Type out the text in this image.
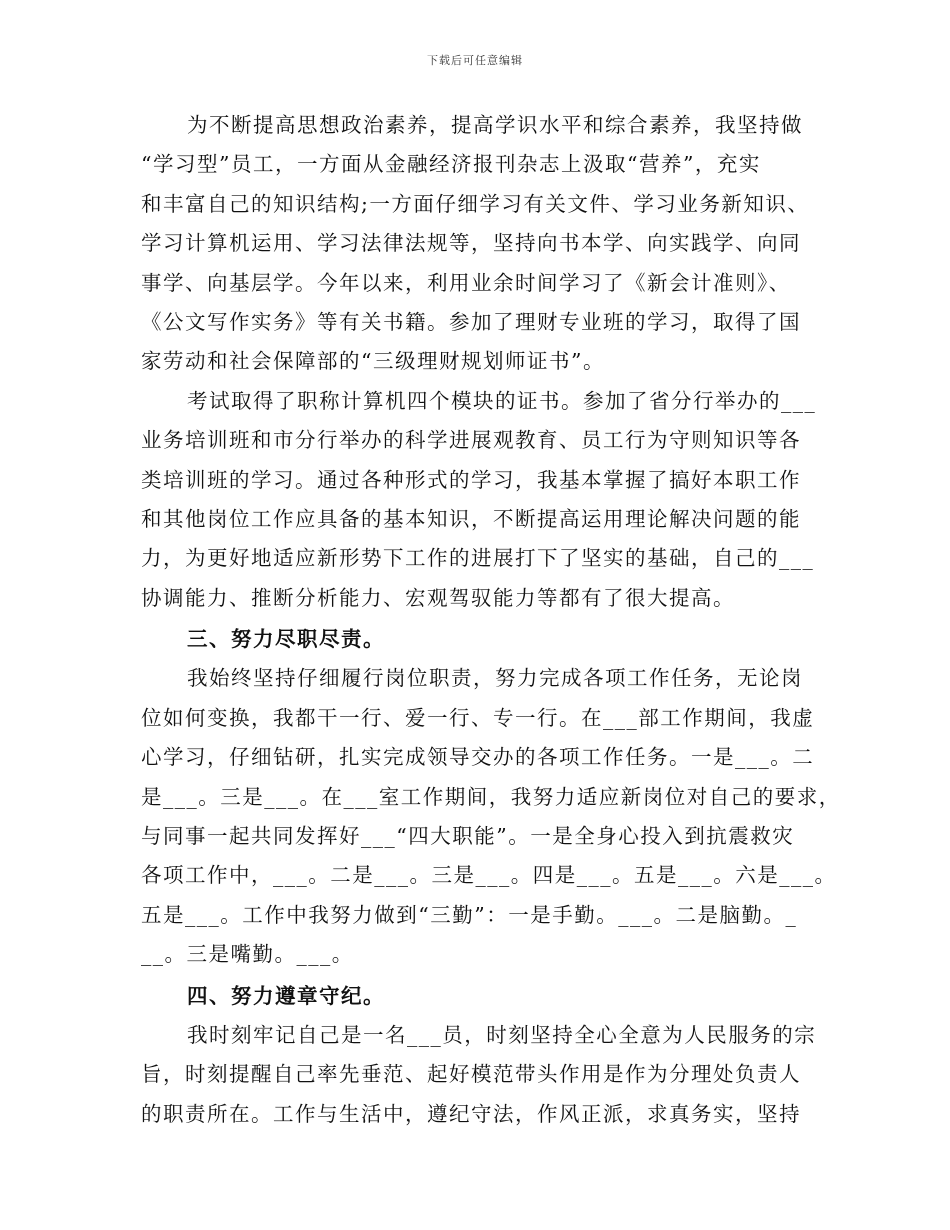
下载后可任意编辑
为不断提高思想政治素养，提高学识水平和综合素养，我坚持做
“学习型”员工，一方面从金融经济报刊杂志上汲取“营养”，充实
和丰富自己的知识结构;一方面仔细学习有关文件、学习业务新知识、
学习计算机运用、学习法律法规等，坚持向书本学、向实践学、向同
事学、向基层学。今年以来，利用业余时间学习了《新会计准则》、
《公文写作实务》等有关书籍。参加了理财专业班的学习，取得了国
家劳动和社会保障部的“三级理财规划师证书”。
考试取得了职称计算机四个模块的证书。参加了省分行举办的___
业务培训班和市分行举办的科学进展观教育、员工行为守则知识等各
类培训班的学习。通过各种形式的学习，我基本掌握了搞好本职工作
和其他岗位工作应具备的基本知识，不断提高运用理论解决问题的能
力，为更好地适应新形势下工作的进展打下了坚实的基础，自己的___
协调能力、推断分析能力、宏观驾驭能力等都有了很大提高。
三、努力尽职尽责。
我始终坚持仔细履行岗位职责，努力完成各项工作任务，无论岗
位如何变换，我都干一行、爱一行、专一行。在___部工作期间，我虚
心学习，仔细钻研，扎实完成领导交办的各项工作任务。一是___。二
是___。三是___。在___室工作期间，我努力适应新岗位对自己的要求，
与同事一起共同发挥好___“四大职能”。一是全身心投入到抗震救灾
各项工作中，___。二是___。三是___。四是___。五是___。六是___。
五是___。工作中我努力做到“三勤”：一是手勤。___。二是脑勤。_
__。三是嘴勤。___。
四、努力遵章守纪。
我时刻牢记自己是一名___员，时刻坚持全心全意为人民服务的宗
旨，时刻提醒自己率先垂范、起好模范带头作用是作为分理处负责人
的职责所在。工作与生活中，遵纪守法，作风正派，求真务实，坚持
